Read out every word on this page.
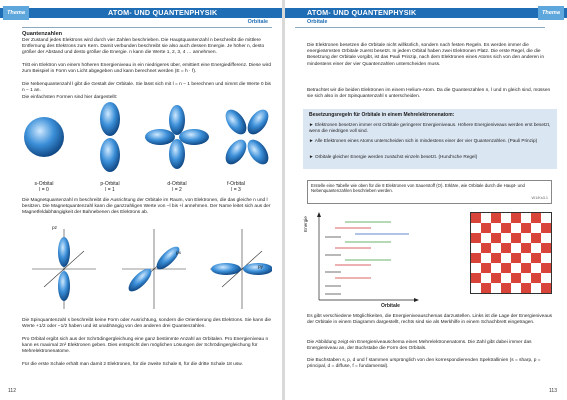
Thema	ATOM- UND QUANTENPHYSIK
Orbitale
Quantenzahlen
Der Zustand jedes Elektrons wird durch vier Zahlen beschrieben. Die Hauptquantenzahl n beschreibt die mittlere Entfernung des Elektrons zum Kern. Damit verbunden beschreibt sie also auch dessen Energie. Je höher n, desto größer der Abstand und desto größer die Energie. n kann die Werte 1, 2, 3, 4 … annehmen.
Tritt ein Elektron von einem höheren Energieniveau in ein niedrigeres über, emittiert eine Energiedifferenz. Diese wird zum Beispiel in Form von Licht abgegeben und kann berechnet werden (E = h · f).
Die Nebenquantenzahl l gibt die Gestalt der Orbitale. Sie lässt sich mit l = n − 1 berechnen und nimmt die Werte 0 bis n − 1 an.
Die einfachsten Formen sind hier dargestellt:
s-Orbital
l = 0
p-Orbital
l = 1
d-Orbital
l = 2
f-Orbital
l = 3
Die Magnetquantenzahl m beschreibt die Ausrichtung der Orbitale im Raum, von Elektronen, die das gleiche n und l besitzen. Die Magnetquantenzahl kann die ganzzahligen Werte von −l bis +l annehmen. Der Name leitet sich aus der Magnetfeldabhängigkeit der Bahnebenen des Elektrons ab.
pz
px
py
Die Spinquantenzahl s beschreibt keine Form oder Ausrichtung, sondern die Orientierung des Elektrons. Sie kann die Werte +1/2 oder −1/2 haben und ist unabhängig von den anderen drei Quantenzahlen.
Pro Orbital ergibt sich aus der Schrödingergleichung eine ganz bestimmte Anzahl an Orbitalen. Pro Energieniveau n kann es maximal 2n² Elektronen geben. Dies entspricht den möglichen Lösungen der Schrödingergleichung für Mehrelektronenatome.
Für die erste Schale erhält man damit 2 Elektronen, für die zweite Schale 8, für die dritte Schale 18 usw.
112
ATOM- UND QUANTENPHYSIK	Thema
Orbitale
Die Elektronen besetzen die Orbitale nicht willkürlich, sondern nach festen Regeln. Es werden immer die energieärmsten Orbitale zuerst besetzt. In jedem Orbital haben zwei Elektronen Platz. Die erste Regel, die die Besetzung der Orbitale vorgibt, ist das Pauli Prinzip, nach dem Elektronen eines Atoms sich von den anderen in mindestens einer der vier Quantenzahlen unterscheiden muss.
Betrachtet wir die beiden Elektronen im einem Helium-Atom. Da die Quantenzahlen n, l und m gleich sind, müssen sie sich also in der Spinquantenzahl s unterscheiden.
Besetzungsregeln für Orbitale in einem Mehrelektronenatom:
► Elektronen besetzen immer erst Orbitale geringerer Energieniveaus. Höhere Energieniveaus werden erst besetzt, wenn die niedrigen voll sind.
► Alle Elektronen eines Atoms unterscheiden sich in mindestens einer der vier Quantenzahlen. (Pauli Prinzip)
► Orbitale gleicher Energie werden zunächst einzeln besetzt. (Hund'sche Regel)
Erstelle eine Tabelle wie oben für die 8 Elektronen von Sauerstoff (O). Erkläre, wie Orbitale durch die Haupt- und Nebenquantenzahlen beschrieben werden.
W1/Ks3.1
Energie
Orbitale
Es gibt verschiedene Möglichkeiten, die Energieniveauschemas darzustellen. Links ist die Lage der Energieniveaus der Orbitale in einem Diagramm dargestellt, rechts sind sie als Merkhilfe in einem Schachbrett eingetragen.
Die Abbildung zeigt ein Energieniveauschema eines Mehrelektronenatoms. Die Zahl gibt dabei immer das Energieniveau an, der Buchstabe die Form des Orbitals.
Die Buchstaben s, p, d und f stammen ursprünglich von den korrespondierenden Spektrallinien (s = sharp, p = principal, d = diffuse, f = fundamental).
113
